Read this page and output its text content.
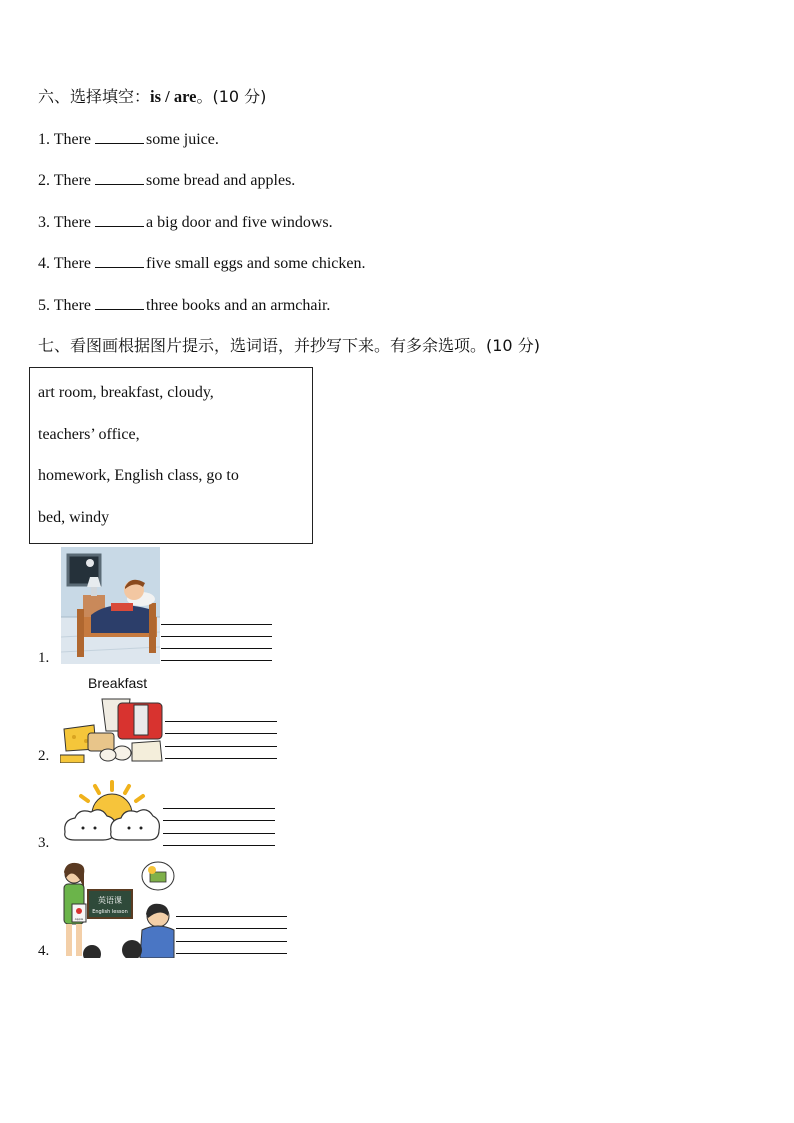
六、选择填空：is / are。(10 分)
1. There	some juice.
2. There	some bread and apples.
3. There	a big door and five windows.
4. There	five small eggs and some chicken.
5. There	three books and an armchair.
七、看图画根据图片提示，选词语，并抄写下来。有多余选项。(10 分)
art room, breakfast, cloudy,
teachers’ office,
homework, English class, go to
bed, windy
1.
Breakfast
2.
3.
4.
英语课
English lesson
Apple
